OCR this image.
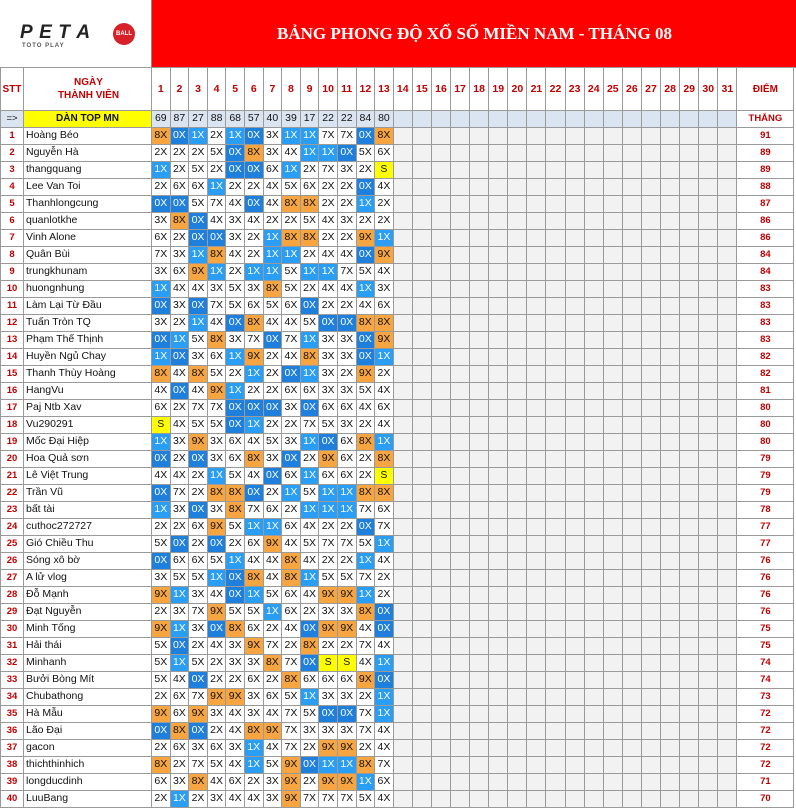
P E T A	BALL
TOTO PLAY
BẢNG PHONG ĐỘ XỔ SỐ MIỀN NAM - THÁNG 08
STT	NGÀY
THÀNH VIÊN	1	2	3	4	5	6	7	8	9	10	11	12	13	14	15	16	17	18	19	20	21	22	23	24	25	26	27	28	29	30	31	ĐIỂM
=>	DÀN TOP MN	69	87	27	88	68	57	40	39	17	22	22	84	80																			THẮNG
1	Hoàng Béo	8X	0X	1X	2X	1X	0X	3X	1X	1X	7X	7X	0X	8X																			91
2	Nguyễn Hà	2X	2X	2X	5X	0X	8X	3X	4X	1X	1X	0X	5X	6X																			89
3	thangquang	1X	2X	5X	2X	0X	0X	6X	1X	2X	7X	3X	2X	S																			89
4	Lee Van Toi	2X	6X	6X	1X	2X	2X	4X	5X	6X	2X	2X	0X	4X																			88
5	Thanhlongcung	0X	0X	5X	7X	4X	0X	4X	8X	8X	2X	2X	1X	2X																			87
6	quanlotkhe	3X	8X	0X	4X	3X	4X	2X	2X	5X	4X	3X	2X	2X																			86
7	Vinh Alone	6X	2X	0X	0X	3X	2X	1X	8X	8X	2X	2X	9X	1X																			86
8	Quân Bùi	7X	3X	1X	8X	4X	2X	1X	1X	2X	4X	4X	0X	9X																			84
9	trungkhunam	3X	6X	9X	1X	2X	1X	1X	5X	1X	1X	7X	5X	4X																			84
10	huongnhung	1X	4X	4X	3X	5X	3X	8X	5X	2X	4X	4X	1X	3X																			83
11	Làm Lại Từ Đầu	0X	3X	0X	7X	5X	6X	5X	6X	0X	2X	2X	4X	6X																			83
12	Tuấn Tròn TQ	3X	2X	1X	4X	0X	8X	4X	4X	5X	0X	0X	8X	8X																			83
13	Phạm Thế Thịnh	0X	1X	5X	8X	3X	7X	0X	7X	1X	3X	3X	0X	9X																			83
14	Huyền Ngủ Chay	1X	0X	3X	6X	1X	9X	2X	4X	8X	3X	3X	0X	1X																			82
15	Thanh Thùy Hoàng	8X	4X	8X	5X	2X	1X	2X	0X	1X	3X	2X	9X	2X																			82
16	HangVu	4X	0X	4X	9X	1X	2X	2X	6X	6X	3X	3X	5X	4X																			81
17	Paj Ntb Xav	6X	2X	7X	7X	0X	0X	0X	3X	0X	6X	6X	4X	6X																			80
18	Vu290291	S	4X	5X	5X	0X	1X	2X	2X	7X	5X	3X	2X	4X																			80
19	Mốc Đại Hiệp	1X	3X	9X	3X	6X	4X	5X	3X	1X	0X	6X	8X	1X																			80
20	Hoa Quả sơn	0X	2X	0X	3X	6X	8X	3X	0X	2X	9X	6X	2X	8X																			79
21	Lê Việt Trung	4X	4X	2X	1X	5X	4X	0X	6X	1X	6X	6X	2X	S																			79
22	Trần Vũ	0X	7X	2X	8X	8X	0X	2X	1X	5X	1X	1X	8X	8X																			79
23	bất tài	1X	3X	0X	3X	8X	7X	6X	2X	1X	1X	1X	7X	6X																			78
24	cuthoc272727	2X	2X	6X	9X	5X	1X	1X	6X	4X	2X	2X	0X	7X																			77
25	Gió Chiều Thu	5X	0X	2X	0X	2X	6X	9X	4X	5X	7X	7X	5X	1X																			77
26	Sóng xô bờ	0X	6X	6X	5X	1X	4X	4X	8X	4X	2X	2X	1X	4X																			76
27	A lử vlog	3X	5X	5X	1X	0X	8X	4X	8X	1X	5X	5X	7X	2X																			76
28	Đỗ Mạnh	9X	1X	3X	4X	0X	1X	5X	6X	4X	9X	9X	1X	2X																			76
29	Đạt Nguyễn	2X	3X	7X	9X	5X	5X	1X	6X	2X	3X	3X	8X	0X																			76
30	Minh Tống	9X	1X	3X	0X	8X	6X	2X	4X	0X	9X	9X	4X	0X																			75
31	Hải thái	5X	0X	2X	4X	3X	9X	7X	2X	8X	2X	2X	7X	4X																			75
32	Minhanh	5X	1X	5X	2X	3X	3X	8X	7X	0X	S	S	4X	1X																			74
33	Bưởi Bòng Mít	5X	4X	0X	2X	2X	6X	2X	8X	6X	6X	6X	9X	0X																			74
34	Chubathong	2X	6X	7X	9X	9X	3X	6X	5X	1X	3X	3X	2X	1X																			73
35	Hà Mẫu	9X	6X	9X	3X	4X	3X	4X	7X	5X	0X	0X	7X	1X																			72
36	Lão Đại	0X	8X	0X	2X	4X	8X	9X	7X	3X	3X	3X	7X	4X																			72
37	gacon	2X	6X	3X	6X	3X	1X	4X	7X	2X	9X	9X	2X	4X																			72
38	thichthinhich	8X	2X	7X	5X	4X	1X	5X	9X	0X	1X	1X	8X	7X																			72
39	longducdinh	6X	3X	8X	4X	6X	2X	3X	9X	2X	9X	9X	1X	6X																			71
40	LuuBang	2X	1X	2X	3X	4X	4X	3X	9X	7X	7X	7X	5X	4X																			70
